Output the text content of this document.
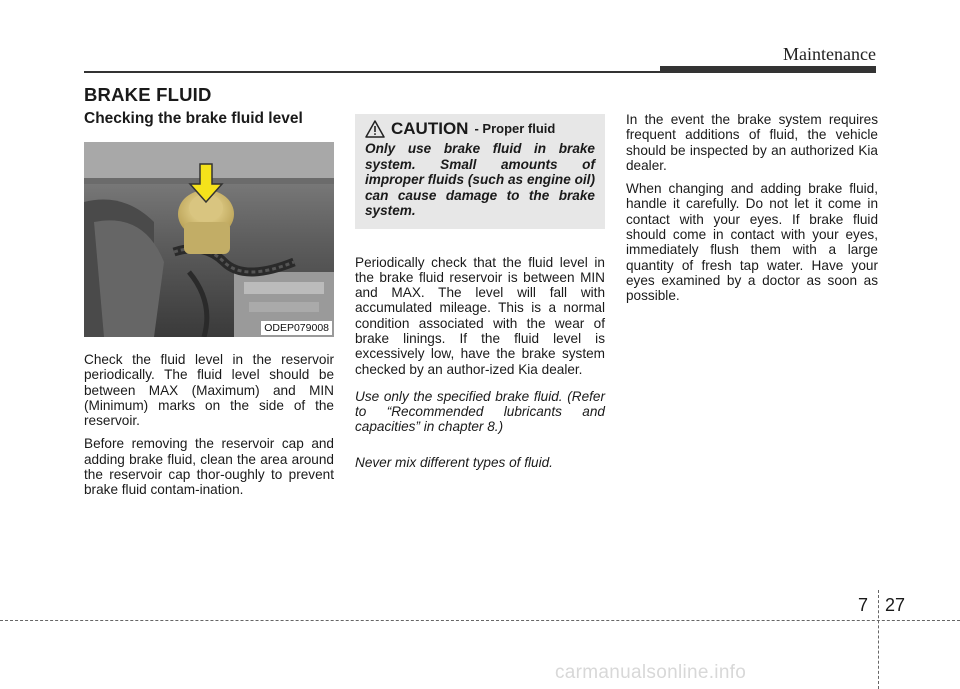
Maintenance
BRAKE FLUID
Checking the brake fluid level
ODEP079008

Check the fluid level in the reservoir periodically. The fluid level should be between MAX (Maximum) and MIN (Minimum) marks on the side of the reservoir.

Before removing the reservoir cap and adding brake fluid, clean the area around the reservoir cap thor-oughly to prevent brake fluid contam-ination.

CAUTION - Proper fluid
Only use brake fluid in brake system. Small amounts of improper fluids (such as engine oil) can cause damage to the brake system.

Periodically check that the fluid level in the brake fluid reservoir is between MIN and MAX. The level will fall with accumulated mileage. This is a normal condition associated with the wear of brake linings. If the fluid level is excessively low, have the brake system checked by an author-ized Kia dealer.

Use only the specified brake fluid. (Refer to “Recommended lubricants and capacities” in chapter 8.)

Never mix different types of fluid.

In the event the brake system requires frequent additions of fluid, the vehicle should be inspected by an authorized Kia dealer.

When changing and adding brake fluid, handle it carefully. Do not let it come in contact with your eyes. If brake fluid should come in contact with your eyes, immediately flush them with a large quantity of fresh tap water. Have your eyes examined by a doctor as soon as possible.

7 27
carmanualsonline.info
